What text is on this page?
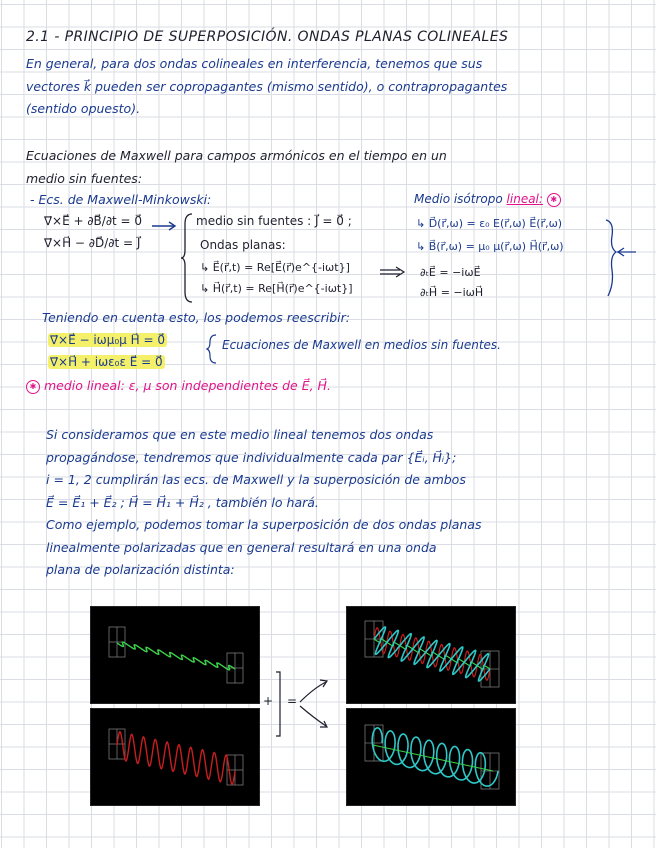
2.1 - PRINCIPIO DE SUPERPOSICIÓN. ONDAS PLANAS COLINEALES
En general, para dos ondas colineales en interferencia, tenemos que sus
vectores k⃗ pueden ser copropagantes (mismo sentido), o contrapropagantes
(sentido opuesto).
Ecuaciones de Maxwell para campos armónicos en el tiempo en un
medio sin fuentes:
- Ecs. de Maxwell-Minkowski:
∇⃗×E⃗ + ∂B⃗/∂t = 0⃗
∇⃗×H⃗ − ∂D⃗/∂t = J⃗
medio sin fuentes : J⃗ = 0⃗ ;
Ondas planas:
↳ E⃗(r⃗,t) = Re[E⃗(r⃗)e^{-iωt}]
↳ H⃗(r⃗,t) = Re[H⃗(r⃗)e^{-iωt}]
∂ₜE⃗ = −iωE⃗
∂ₜH⃗ = −iωH⃗
Medio isótropo lineal: ✱
↳ D⃗(r⃗,ω) = ε₀ E(r⃗,ω) E⃗(r⃗,ω)
↳ B⃗(r⃗,ω) = μ₀ μ(r⃗,ω) H⃗(r⃗,ω)
Teniendo en cuenta esto, los podemos reescribir:
∇⃗×E⃗ − iωμ₀μ H⃗ = 0⃗
∇⃗×H⃗ + iωε₀ε E⃗ = 0⃗
Ecuaciones de Maxwell en medios sin fuentes.
✱ medio lineal: ε, μ son independientes de E⃗, H⃗.
Si consideramos que en este medio lineal tenemos dos ondas
propagándose, tendremos que individualmente cada par {E⃗ᵢ, H⃗ᵢ};
i = 1, 2 cumplirán las ecs. de Maxwell y la superposición de ambos
E⃗ = E⃗₁ + E⃗₂ ; H⃗ = H⃗₁ + H⃗₂ , también lo hará.
Como ejemplo, podemos tomar la superposición de dos ondas planas
linealmente polarizadas que en general resultará en una onda
plana de polarización distinta:
+ =
